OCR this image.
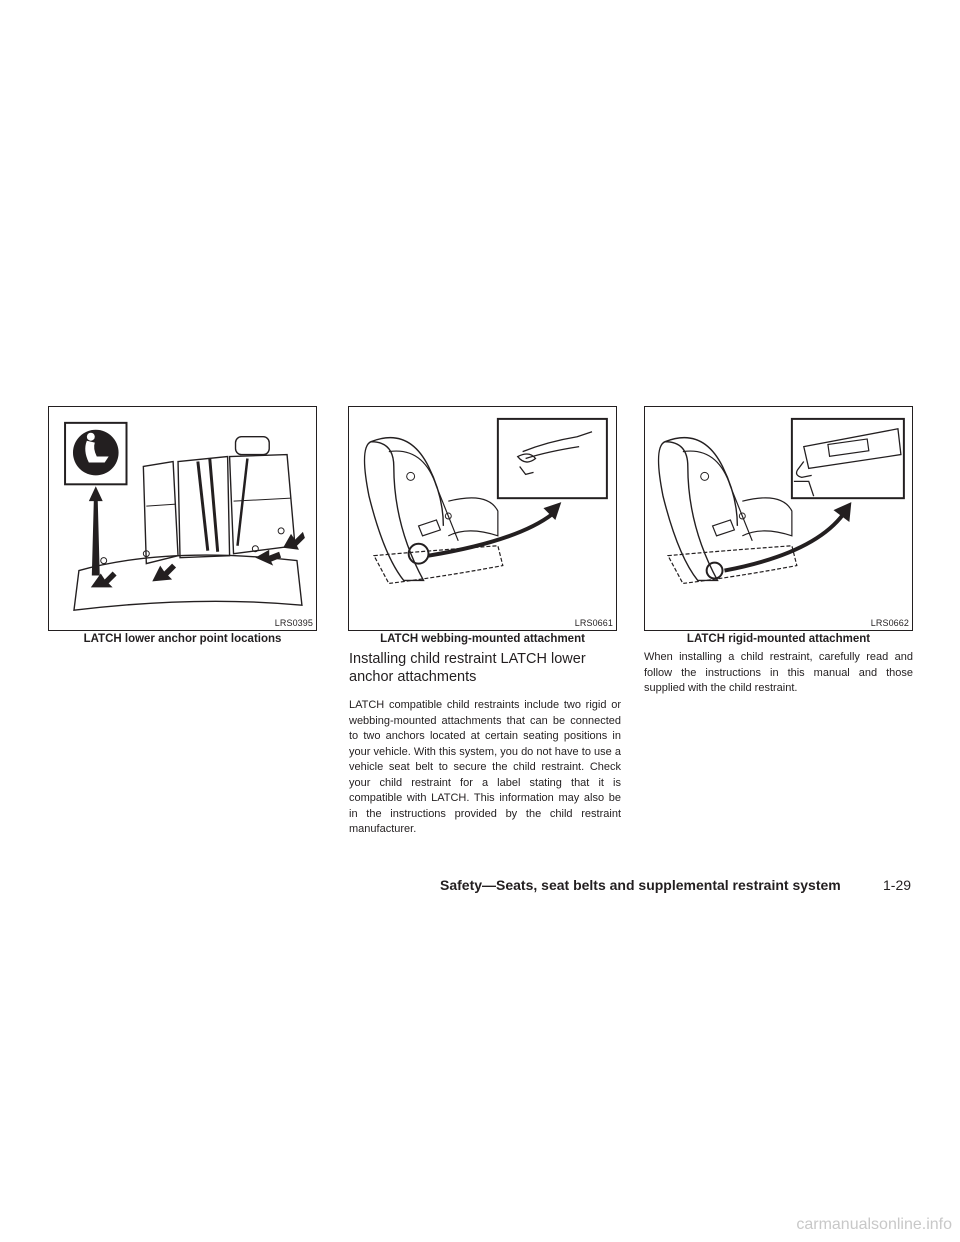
LRS0395
LATCH lower anchor point locations
LRS0661
LATCH webbing-mounted attachment
LRS0662
LATCH rigid-mounted attachment
Installing child restraint LATCH lower anchor attachments
LATCH compatible child restraints include two rigid or webbing-mounted attachments that can be connected to two anchors located at certain seating positions in your vehicle. With this system, you do not have to use a vehicle seat belt to secure the child restraint. Check your child restraint for a label stating that it is compatible with LATCH. This information may also be in the instructions provided by the child restraint manufacturer.
When installing a child restraint, carefully read and follow the instructions in this manual and those supplied with the child restraint.
Safety—Seats, seat belts and supplemental restraint system	1-29
carmanualsonline.info
